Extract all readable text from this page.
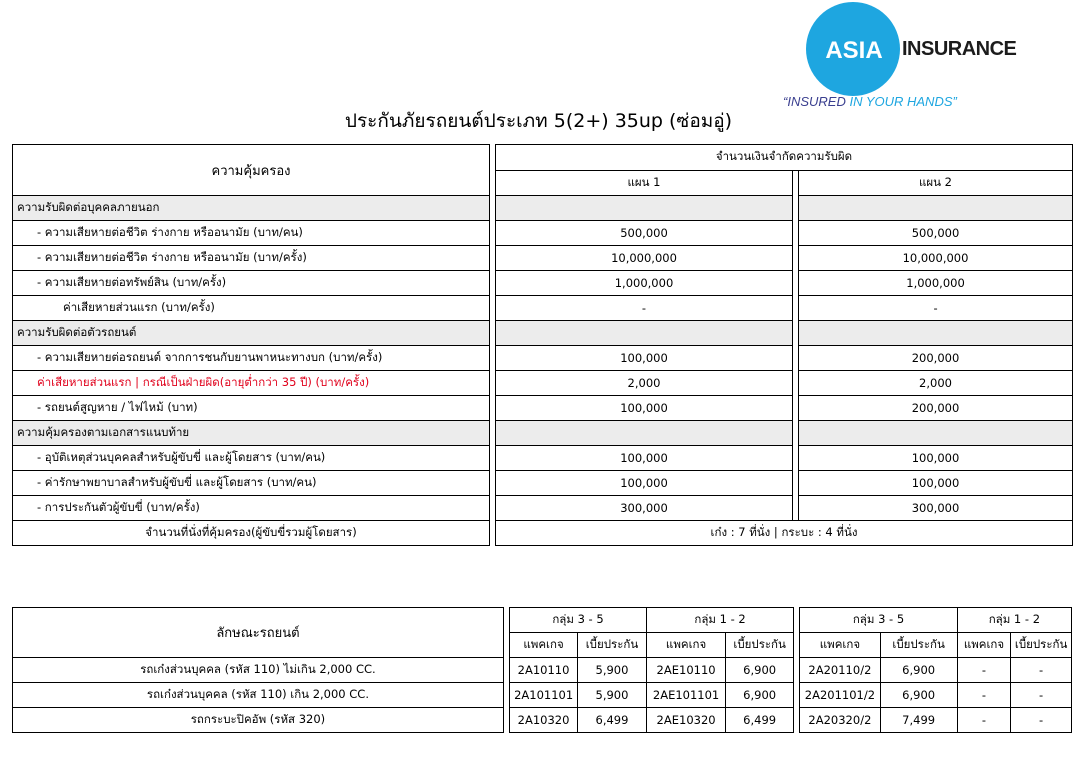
ASIA INSURANCE
“INSURED IN YOUR HANDS”
ประกันภัยรถยนต์ประเภท 5(2+) 35up (ซ่อมอู่)
ความคุ้มครอง		จำนวนเงินจำกัดความรับผิด		
		แผน 1		แผน 2
ความรับผิดต่อบุคคลภายนอก				
- ความเสียหายต่อชีวิต ร่างกาย หรืออนามัย (บาท/คน)		500,000		500,000
- ความเสียหายต่อชีวิต ร่างกาย หรืออนามัย (บาท/ครั้ง)		10,000,000		10,000,000
- ความเสียหายต่อทรัพย์สิน (บาท/ครั้ง)		1,000,000		1,000,000
ค่าเสียหายส่วนแรก (บาท/ครั้ง)		-		-
ความรับผิดต่อตัวรถยนต์				
- ความเสียหายต่อรถยนต์ จากการชนกับยานพาหนะทางบก (บาท/ครั้ง)		100,000		200,000
ค่าเสียหายส่วนแรก | กรณีเป็นฝ่ายผิด(อายุต่ำกว่า 35 ปี) (บาท/ครั้ง)		2,000		2,000
- รถยนต์สูญหาย / ไฟไหม้ (บาท)		100,000		200,000
ความคุ้มครองตามเอกสารแนบท้าย				
- อุบัติเหตุส่วนบุคคลสำหรับผู้ขับขี่ และผู้โดยสาร (บาท/คน)		100,000		100,000
- ค่ารักษาพยาบาลสำหรับผู้ขับขี่ และผู้โดยสาร (บาท/คน)		100,000		100,000
- การประกันตัวผู้ขับขี่ (บาท/ครั้ง)		300,000		300,000
จำนวนที่นั่งที่คุ้มครอง(ผู้ขับขี่รวมผู้โดยสาร)		เก๋ง : 7 ที่นั่ง | กระบะ : 4 ที่นั่ง		
ลักษณะรถยนต์		กลุ่ม 3 - 5		กลุ่ม 1 - 2			กลุ่ม 3 - 5		กลุ่ม 1 - 2	
		แพคเกจ	เบี้ยประกัน	แพคเกจ	เบี้ยประกัน		แพคเกจ	เบี้ยประกัน	แพคเกจ	เบี้ยประกัน
รถเก๋งส่วนบุคคล (รหัส 110) ไม่เกิน 2,000 CC.		2A10110	5,900	2AE10110	6,900		2A20110/2	6,900	-	-
รถเก๋งส่วนบุคคล (รหัส 110) เกิน 2,000 CC.		2A101101	5,900	2AE101101	6,900		2A201101/2	6,900	-	-
รถกระบะปิคอัพ (รหัส 320)		2A10320	6,499	2AE10320	6,499		2A20320/2	7,499	-	-
